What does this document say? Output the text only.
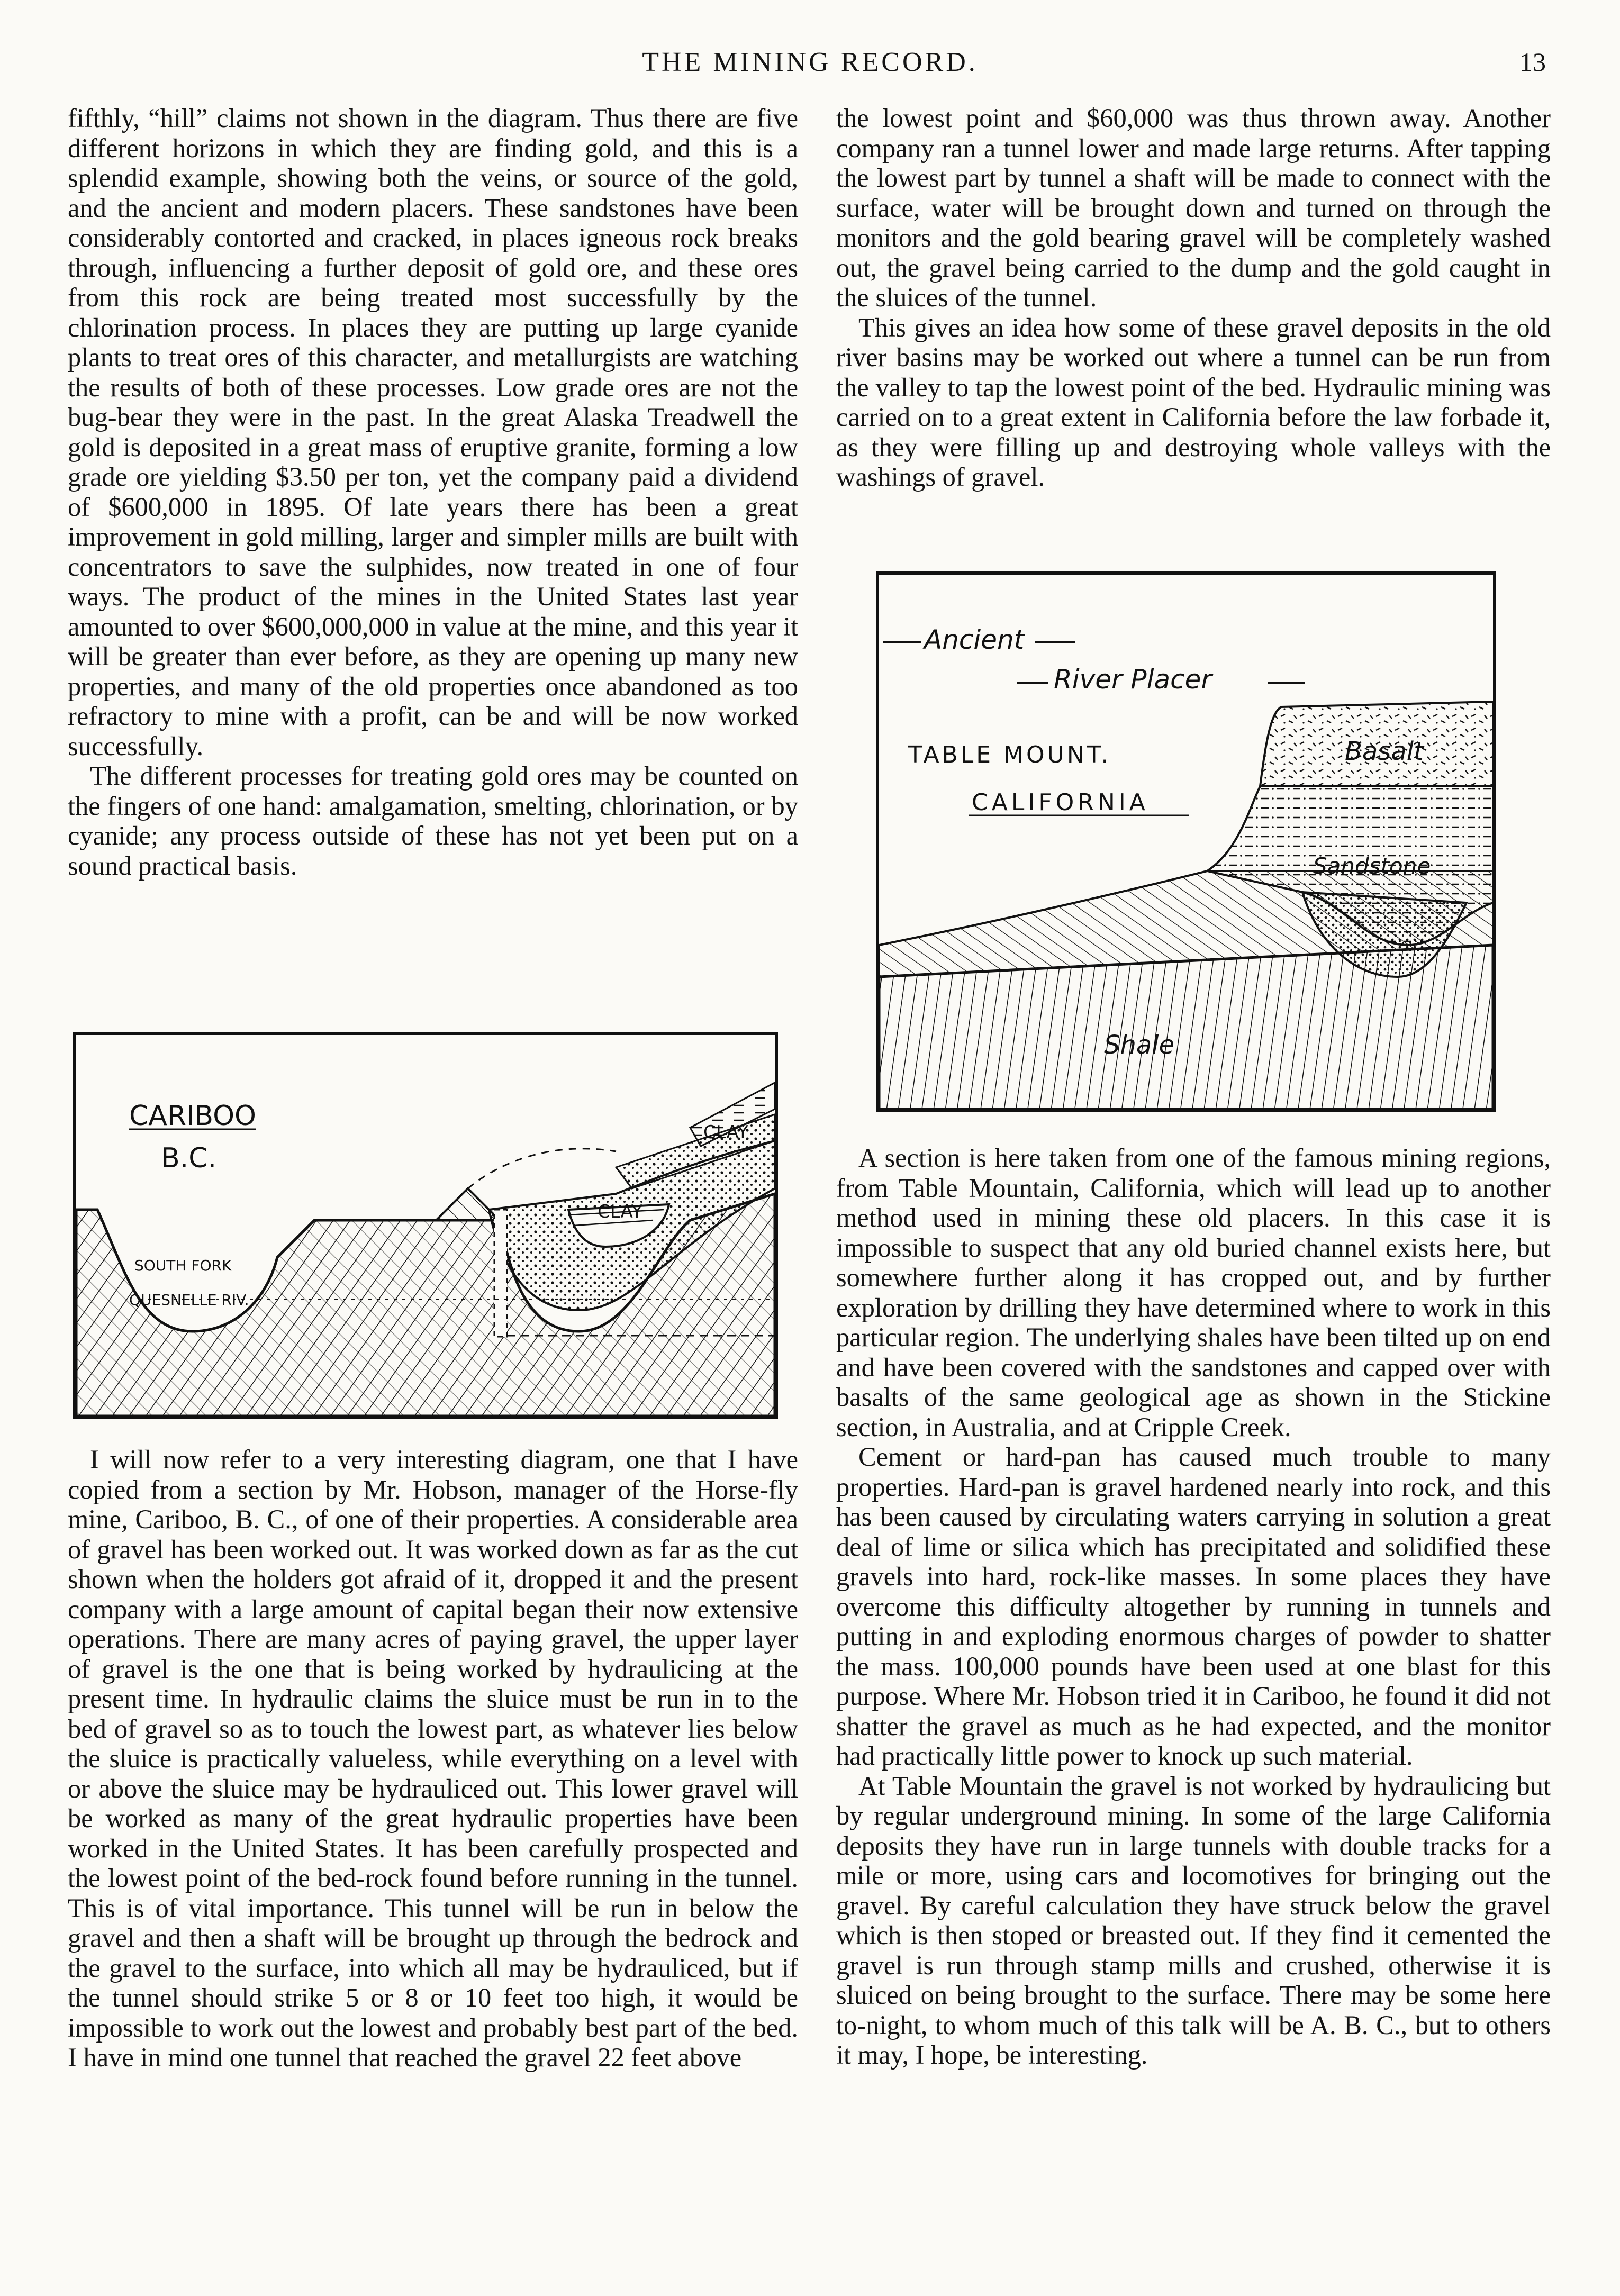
THE MINING RECORD.	13

fifthly, “hill” claims not shown in the diagram. Thus there are five different horizons in which they are finding gold, and this is a splendid example, showing both the veins, or source of the gold, and the ancient and modern placers. These sandstones have been considerably contorted and cracked, in places igneous rock breaks through, influencing a further deposit of gold ore, and these ores from this rock are being treated most successfully by the chlorination process. In places they are putting up large cyanide plants to treat ores of this character, and metallurgists are watching the results of both of these processes. Low grade ores are not the bug-bear they were in the past. In the great Alaska Treadwell the gold is deposited in a great mass of eruptive granite, forming a low grade ore yielding $3.50 per ton, yet the company paid a dividend of $600,000 in 1895. Of late years there has been a great improvement in gold milling, larger and simpler mills are built with concentrators to save the sulphides, now treated in one of four ways. The product of the mines in the United States last year amounted to over $600,000,000 in value at the mine, and this year it will be greater than ever before, as they are opening up many new properties, and many of the old properties once abandoned as too refractory to mine with a profit, can be and will be now worked successfully.

The different processes for treating gold ores may be counted on the fingers of one hand: amalgamation, smelting, chlorination, or by cyanide; any process outside of these has not yet been put on a sound practical basis.

CARIBOO
B.C.
CLAY
CLAY
SOUTH FORK
QUESNELLE RIV.

I will now refer to a very interesting diagram, one that I have copied from a section by Mr. Hobson, manager of the Horse-fly mine, Cariboo, B. C., of one of their properties. A considerable area of gravel has been worked out. It was worked down as far as the cut shown when the holders got afraid of it, dropped it and the present company with a large amount of capital began their now extensive operations. There are many acres of paying gravel, the upper layer of gravel is the one that is being worked by hydraulicing at the present time. In hydraulic claims the sluice must be run in to the bed of gravel so as to touch the lowest part, as whatever lies below the sluice is practically valueless, while everything on a level with or above the sluice may be hydrauliced out. This lower gravel will be worked as many of the great hydraulic properties have been worked in the United States. It has been carefully prospected and the lowest point of the bed-rock found before running in the tunnel. This is of vital importance. This tunnel will be run in below the gravel and then a shaft will be brought up through the bedrock and the gravel to the surface, into which all may be hydrauliced, but if the tunnel should strike 5 or 8 or 10 feet too high, it would be impossible to work out the lowest and probably best part of the bed. I have in mind one tunnel that reached the gravel 22 feet above

the lowest point and $60,000 was thus thrown away. Another company ran a tunnel lower and made large returns. After tapping the lowest part by tunnel a shaft will be made to connect with the surface, water will be brought down and turned on through the monitors and the gold bearing gravel will be completely washed out, the gravel being carried to the dump and the gold caught in the sluices of the tunnel.

This gives an idea how some of these gravel deposits in the old river basins may be worked out where a tunnel can be run from the valley to tap the lowest point of the bed. Hydraulic mining was carried on to a great extent in California before the law forbade it, as they were filling up and destroying whole valleys with the washings of gravel.

Ancient
River Placer
TABLE MOUNT.
CALIFORNIA
Basalt
Sandstone
Shale

A section is here taken from one of the famous mining regions, from Table Mountain, California, which will lead up to another method used in mining these old placers. In this case it is impossible to suspect that any old buried channel exists here, but somewhere further along it has cropped out, and by further exploration by drilling they have determined where to work in this particular region. The underlying shales have been tilted up on end and have been covered with the sandstones and capped over with basalts of the same geological age as shown in the Stickine section, in Australia, and at Cripple Creek.

Cement or hard-pan has caused much trouble to many properties. Hard-pan is gravel hardened nearly into rock, and this has been caused by circulating waters carrying in solution a great deal of lime or silica which has precipitated and solidified these gravels into hard, rock-like masses. In some places they have overcome this difficulty altogether by running in tunnels and putting in and exploding enormous charges of powder to shatter the mass. 100,000 pounds have been used at one blast for this purpose. Where Mr. Hobson tried it in Cariboo, he found it did not shatter the gravel as much as he had expected, and the monitor had practically little power to knock up such material.

At Table Mountain the gravel is not worked by hydraulicing but by regular underground mining. In some of the large California deposits they have run in large tunnels with double tracks for a mile or more, using cars and locomotives for bringing out the gravel. By careful calculation they have struck below the gravel which is then stoped or breasted out. If they find it cemented the gravel is run through stamp mills and crushed, otherwise it is sluiced on being brought to the surface. There may be some here to-night, to whom much of this talk will be A. B. C., but to others it may, I hope, be interesting.
